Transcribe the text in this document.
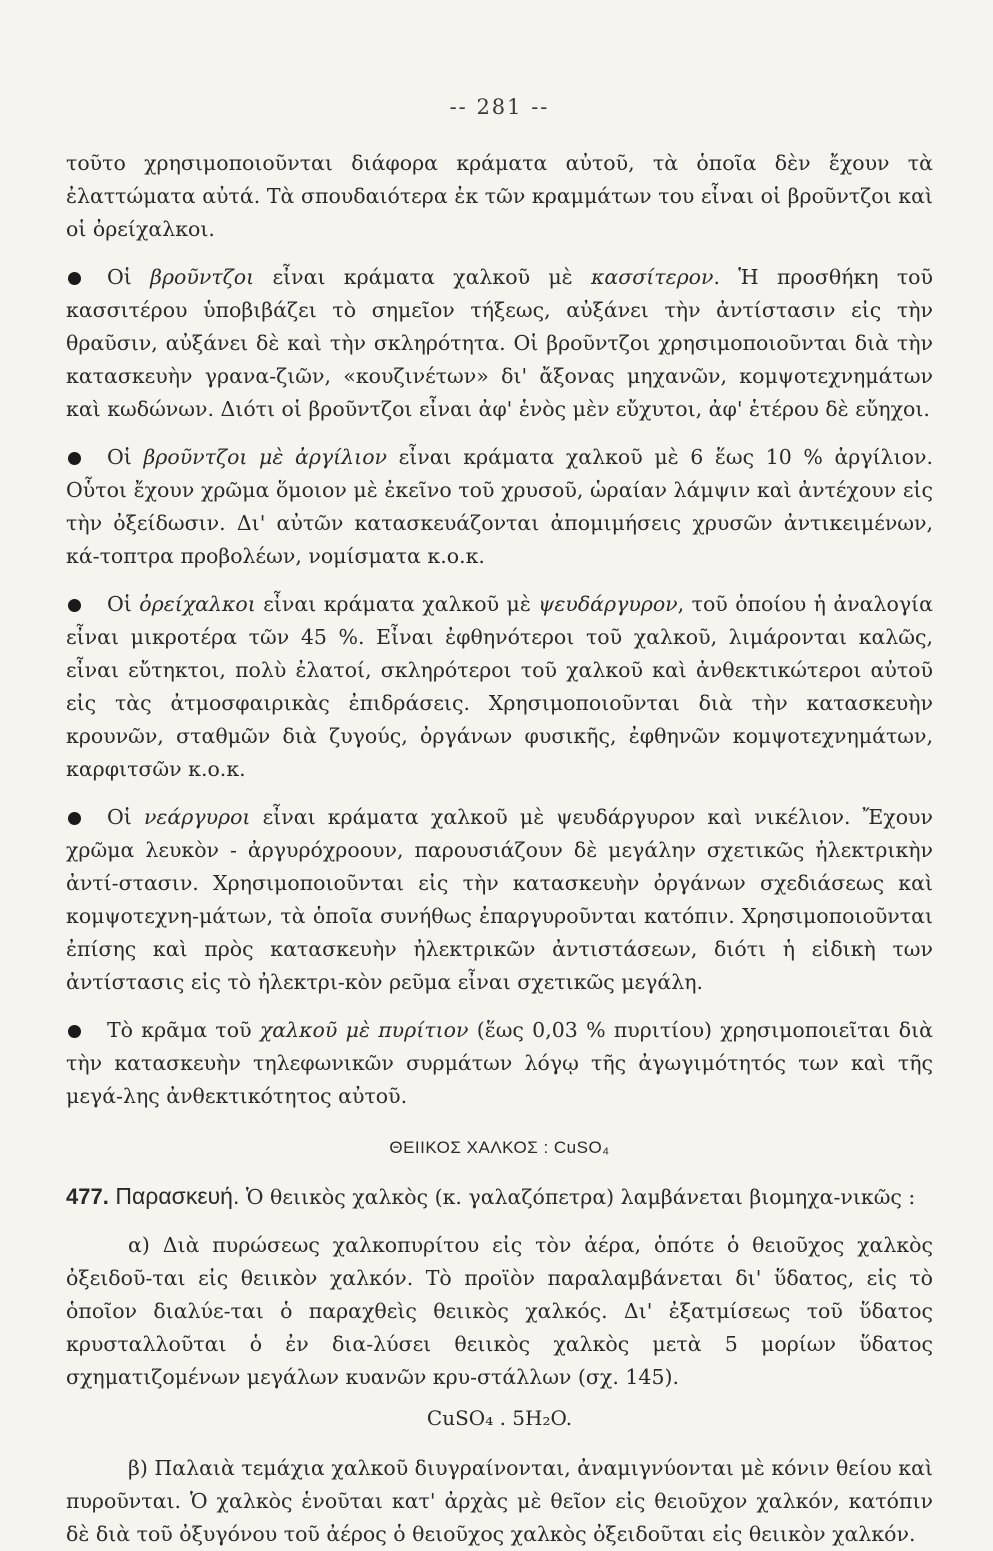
-- 281 --

τοῦτο χρησιμοποιοῦνται διάφορα κράματα αὐτοῦ, τὰ ὁποῖα δὲν ἔχουν τὰ ἐλαττώματα αὐτά. Τὰ σπουδαιότερα ἐκ τῶν κραμμάτων του εἶναι οἱ βροῦντζοι καὶ οἱ ὀρείχαλκοι.

Οἱ βροῦντζοι εἶναι κράματα χαλκοῦ μὲ κασσίτερον. Ἡ προσθήκη τοῦ κασσιτέρου ὑποβιβάζει τὸ σημεῖον τήξεως, αὐξάνει τὴν ἀντίστασιν εἰς τὴν θραῦσιν, αὐξάνει δὲ καὶ τὴν σκληρότητα. Οἱ βροῦντζοι χρησιμοποιοῦνται διὰ τὴν κατασκευὴν γρανα-ζιῶν, «κουζινέτων» δι' ἄξονας μηχανῶν, κομψοτεχνημάτων καὶ κωδώνων. Διότι οἱ βροῦντζοι εἶναι ἀφ' ἑνὸς μὲν εὔχυτοι, ἀφ' ἑτέρου δὲ εὔηχοι.

Οἱ βροῦντζοι μὲ ἀργίλιον εἶναι κράματα χαλκοῦ μὲ 6 ἕως 10 % ἀργίλιον. Οὗτοι ἔχουν χρῶμα ὅμοιον μὲ ἐκεῖνο τοῦ χρυσοῦ, ὡραίαν λάμψιν καὶ ἀντέχουν εἰς τὴν ὀξείδωσιν. Δι' αὐτῶν κατασκευάζονται ἀπομιμήσεις χρυσῶν ἀντικειμένων, κά-τοπτρα προβολέων, νομίσματα κ.ο.κ.

Οἱ ὀρείχαλκοι εἶναι κράματα χαλκοῦ μὲ ψευδάργυρον, τοῦ ὁποίου ἡ ἀναλογία εἶναι μικροτέρα τῶν 45 %. Εἶναι ἐφθηνότεροι τοῦ χαλκοῦ, λιμάρονται καλῶς, εἶναι εὔτηκτοι, πολὺ ἐλατοί, σκληρότεροι τοῦ χαλκοῦ καὶ ἀνθεκτικώτεροι αὐτοῦ εἰς τὰς ἀτμοσφαιρικὰς ἐπιδράσεις. Χρησιμοποιοῦνται διὰ τὴν κατασκευὴν κρουνῶν, σταθμῶν διὰ ζυγούς, ὀργάνων φυσικῆς, ἐφθηνῶν κομψοτεχνημάτων, καρφιτσῶν κ.ο.κ.

Οἱ νεάργυροι εἶναι κράματα χαλκοῦ μὲ ψευδάργυρον καὶ νικέλιον. Ἔχουν χρῶμα λευκὸν - ἀργυρόχροουν, παρουσιάζουν δὲ μεγάλην σχετικῶς ἠλεκτρικὴν ἀντί-στασιν. Χρησιμοποιοῦνται εἰς τὴν κατασκευὴν ὀργάνων σχεδιάσεως καὶ κομψοτεχνη-μάτων, τὰ ὁποῖα συνήθως ἐπαργυροῦνται κατόπιν. Χρησιμοποιοῦνται ἐπίσης καὶ πρὸς κατασκευὴν ἠλεκτρικῶν ἀντιστάσεων, διότι ἡ εἰδικὴ των ἀντίστασις εἰς τὸ ἠλεκτρι-κὸν ρεῦμα εἶναι σχετικῶς μεγάλη.

Τὸ κρᾶμα τοῦ χαλκοῦ μὲ πυρίτιον (ἕως 0,03 % πυριτίου) χρησιμοποιεῖται διὰ τὴν κατασκευὴν τηλεφωνικῶν συρμάτων λόγῳ τῆς ἀγωγιμότητός των καὶ τῆς μεγά-λης ἀνθεκτικότητος αὐτοῦ.

ΘΕΙΙΚΟΣ ΧΑΛΚΟΣ : CuSO₄

477. Παρασκευή. Ὁ θειικὸς χαλκὸς (κ. γαλαζόπετρα) λαμβάνεται βιομηχα-νικῶς :

α) Διὰ πυρώσεως χαλκοπυρίτου εἰς τὸν ἀέρα, ὁπότε ὁ θειοῦχος χαλκὸς ὀξειδοῦ-ται εἰς θειικὸν χαλκόν. Τὸ προϊὸν παραλαμβάνεται δι' ὕδατος, εἰς τὸ ὁποῖον διαλύε-ται ὁ παραχθεὶς θειικὸς χαλκός. Δι' ἐξατμίσεως τοῦ ὕδατος κρυσταλλοῦται ὁ ἐν δια-λύσει θειικὸς χαλκὸς μετὰ 5 μορίων ὕδατος σχηματιζομένων μεγάλων κυανῶν κρυ-στάλλων (σχ. 145).

CuSO₄ . 5H₂O.

β) Παλαιὰ τεμάχια χαλκοῦ διυγραίνονται, ἀναμιγνύονται μὲ κόνιν θείου καὶ πυροῦνται. Ὁ χαλκὸς ἑνοῦται κατ' ἀρχὰς μὲ θεῖον εἰς θειοῦχον χαλκόν, κατόπιν δὲ διὰ τοῦ ὀξυγόνου τοῦ ἀέρος ὁ θειοῦχος χαλκὸς ὀξειδοῦται εἰς θειικὸν χαλκόν.
